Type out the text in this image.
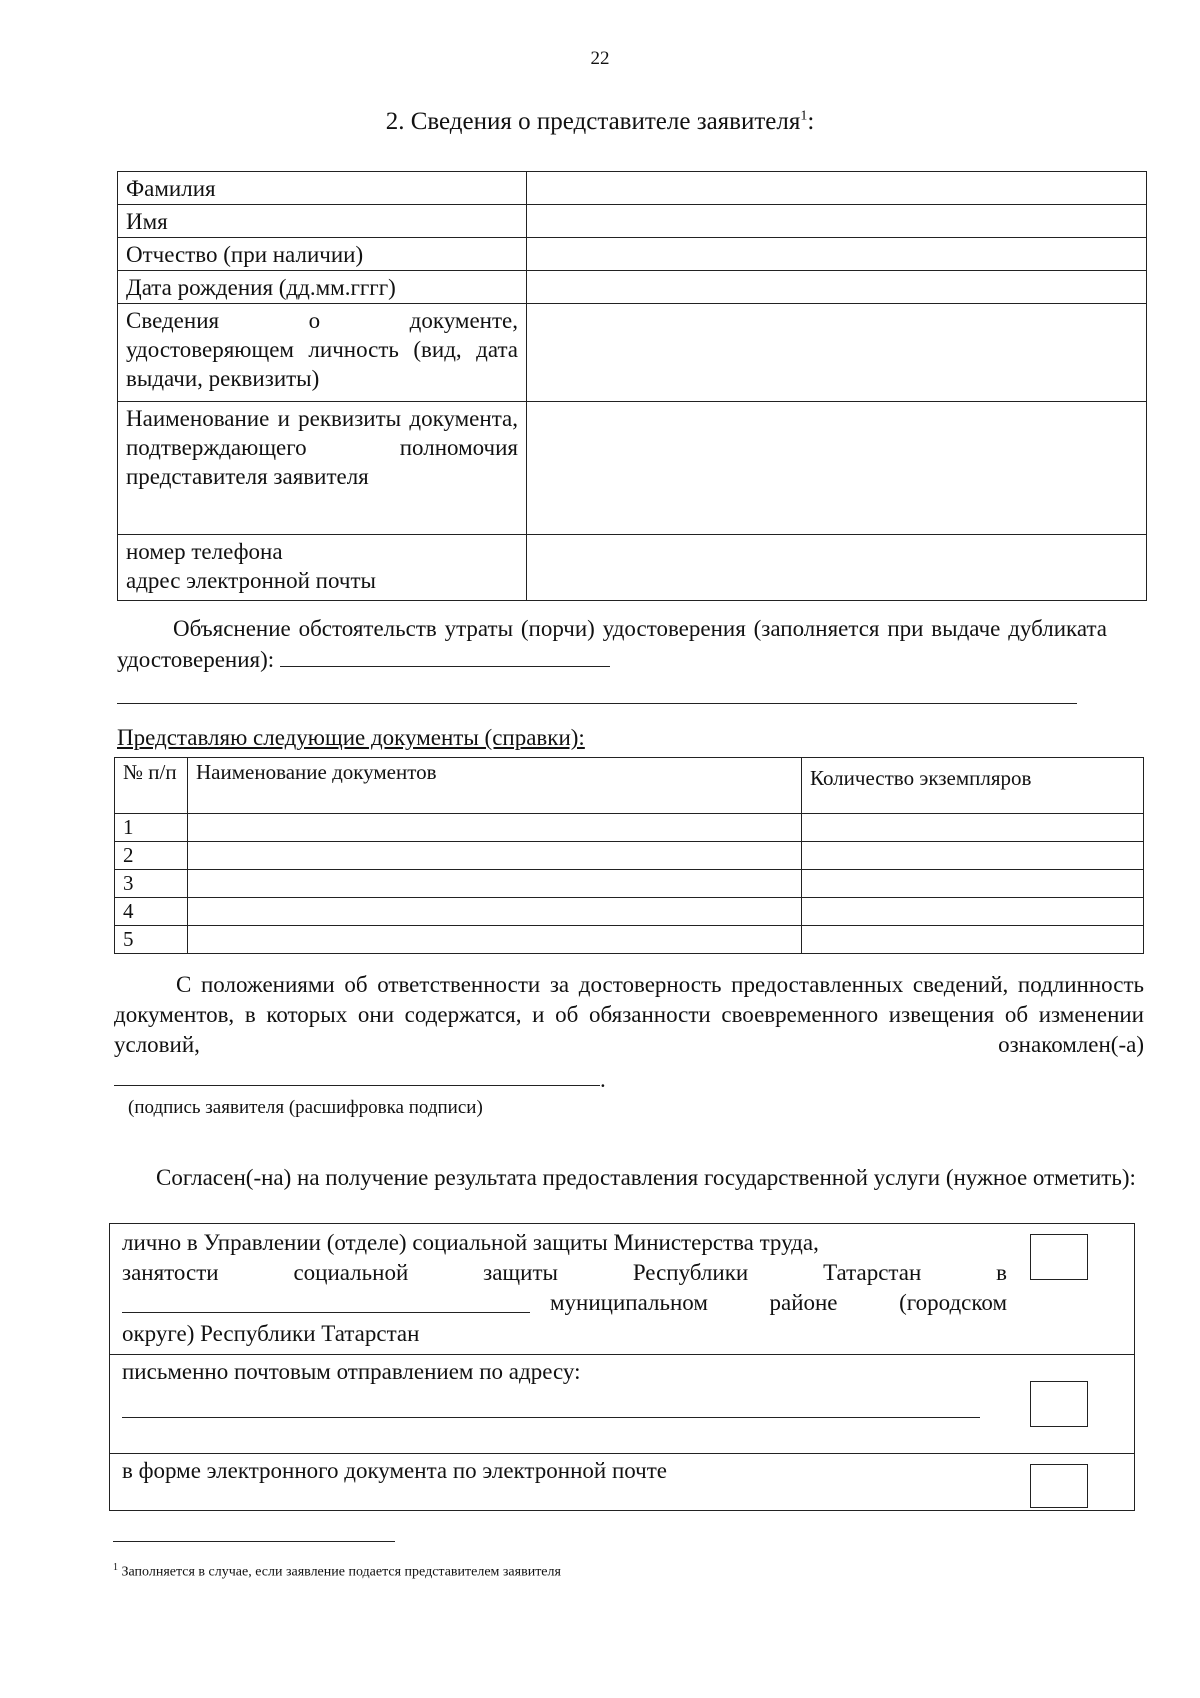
22
2. Сведения о представителе заявителя$^1$:
Фамилия	
Имя	
Отчество (при наличии)	
Дата рождения (дд.мм.гггг)	
Сведения о документе, удостоверяющем личность (вид, дата выдачи, реквизиты)	
Наименование и реквизиты документа, подтверждающего полномочия представителя заявителя	
номер телефона
адрес электронной почты	
Объяснение обстоятельств утраты (порчи) удостоверения (заполняется при выдаче дубликата удостоверения):
Представляю следующие документы (справки):
№ п/п	Наименование документов	Количество экземпляров
1		
2		
3		
4		
5		
С положениями об ответственности за достоверность предоставленных сведений, подлинность документов, в которых они содержатся, и об обязанности своевременного извещения об изменении условий, ознакомлен(-а)
.
(подпись заявителя (расшифровка подписи)
Согласен(-на) на получение результата предоставления государственной услуги (нужное отметить):
лично в Управлении (отделе) социальной защиты Министерства труда,
занятости социальной защиты Республики Татарстан в
муниципальном районе (городском
округе) Республики Татарстан
письменно почтовым отправлением по адресу:
в форме электронного документа по электронной почте
$^1$ Заполняется в случае, если заявление подается представителем заявителя
